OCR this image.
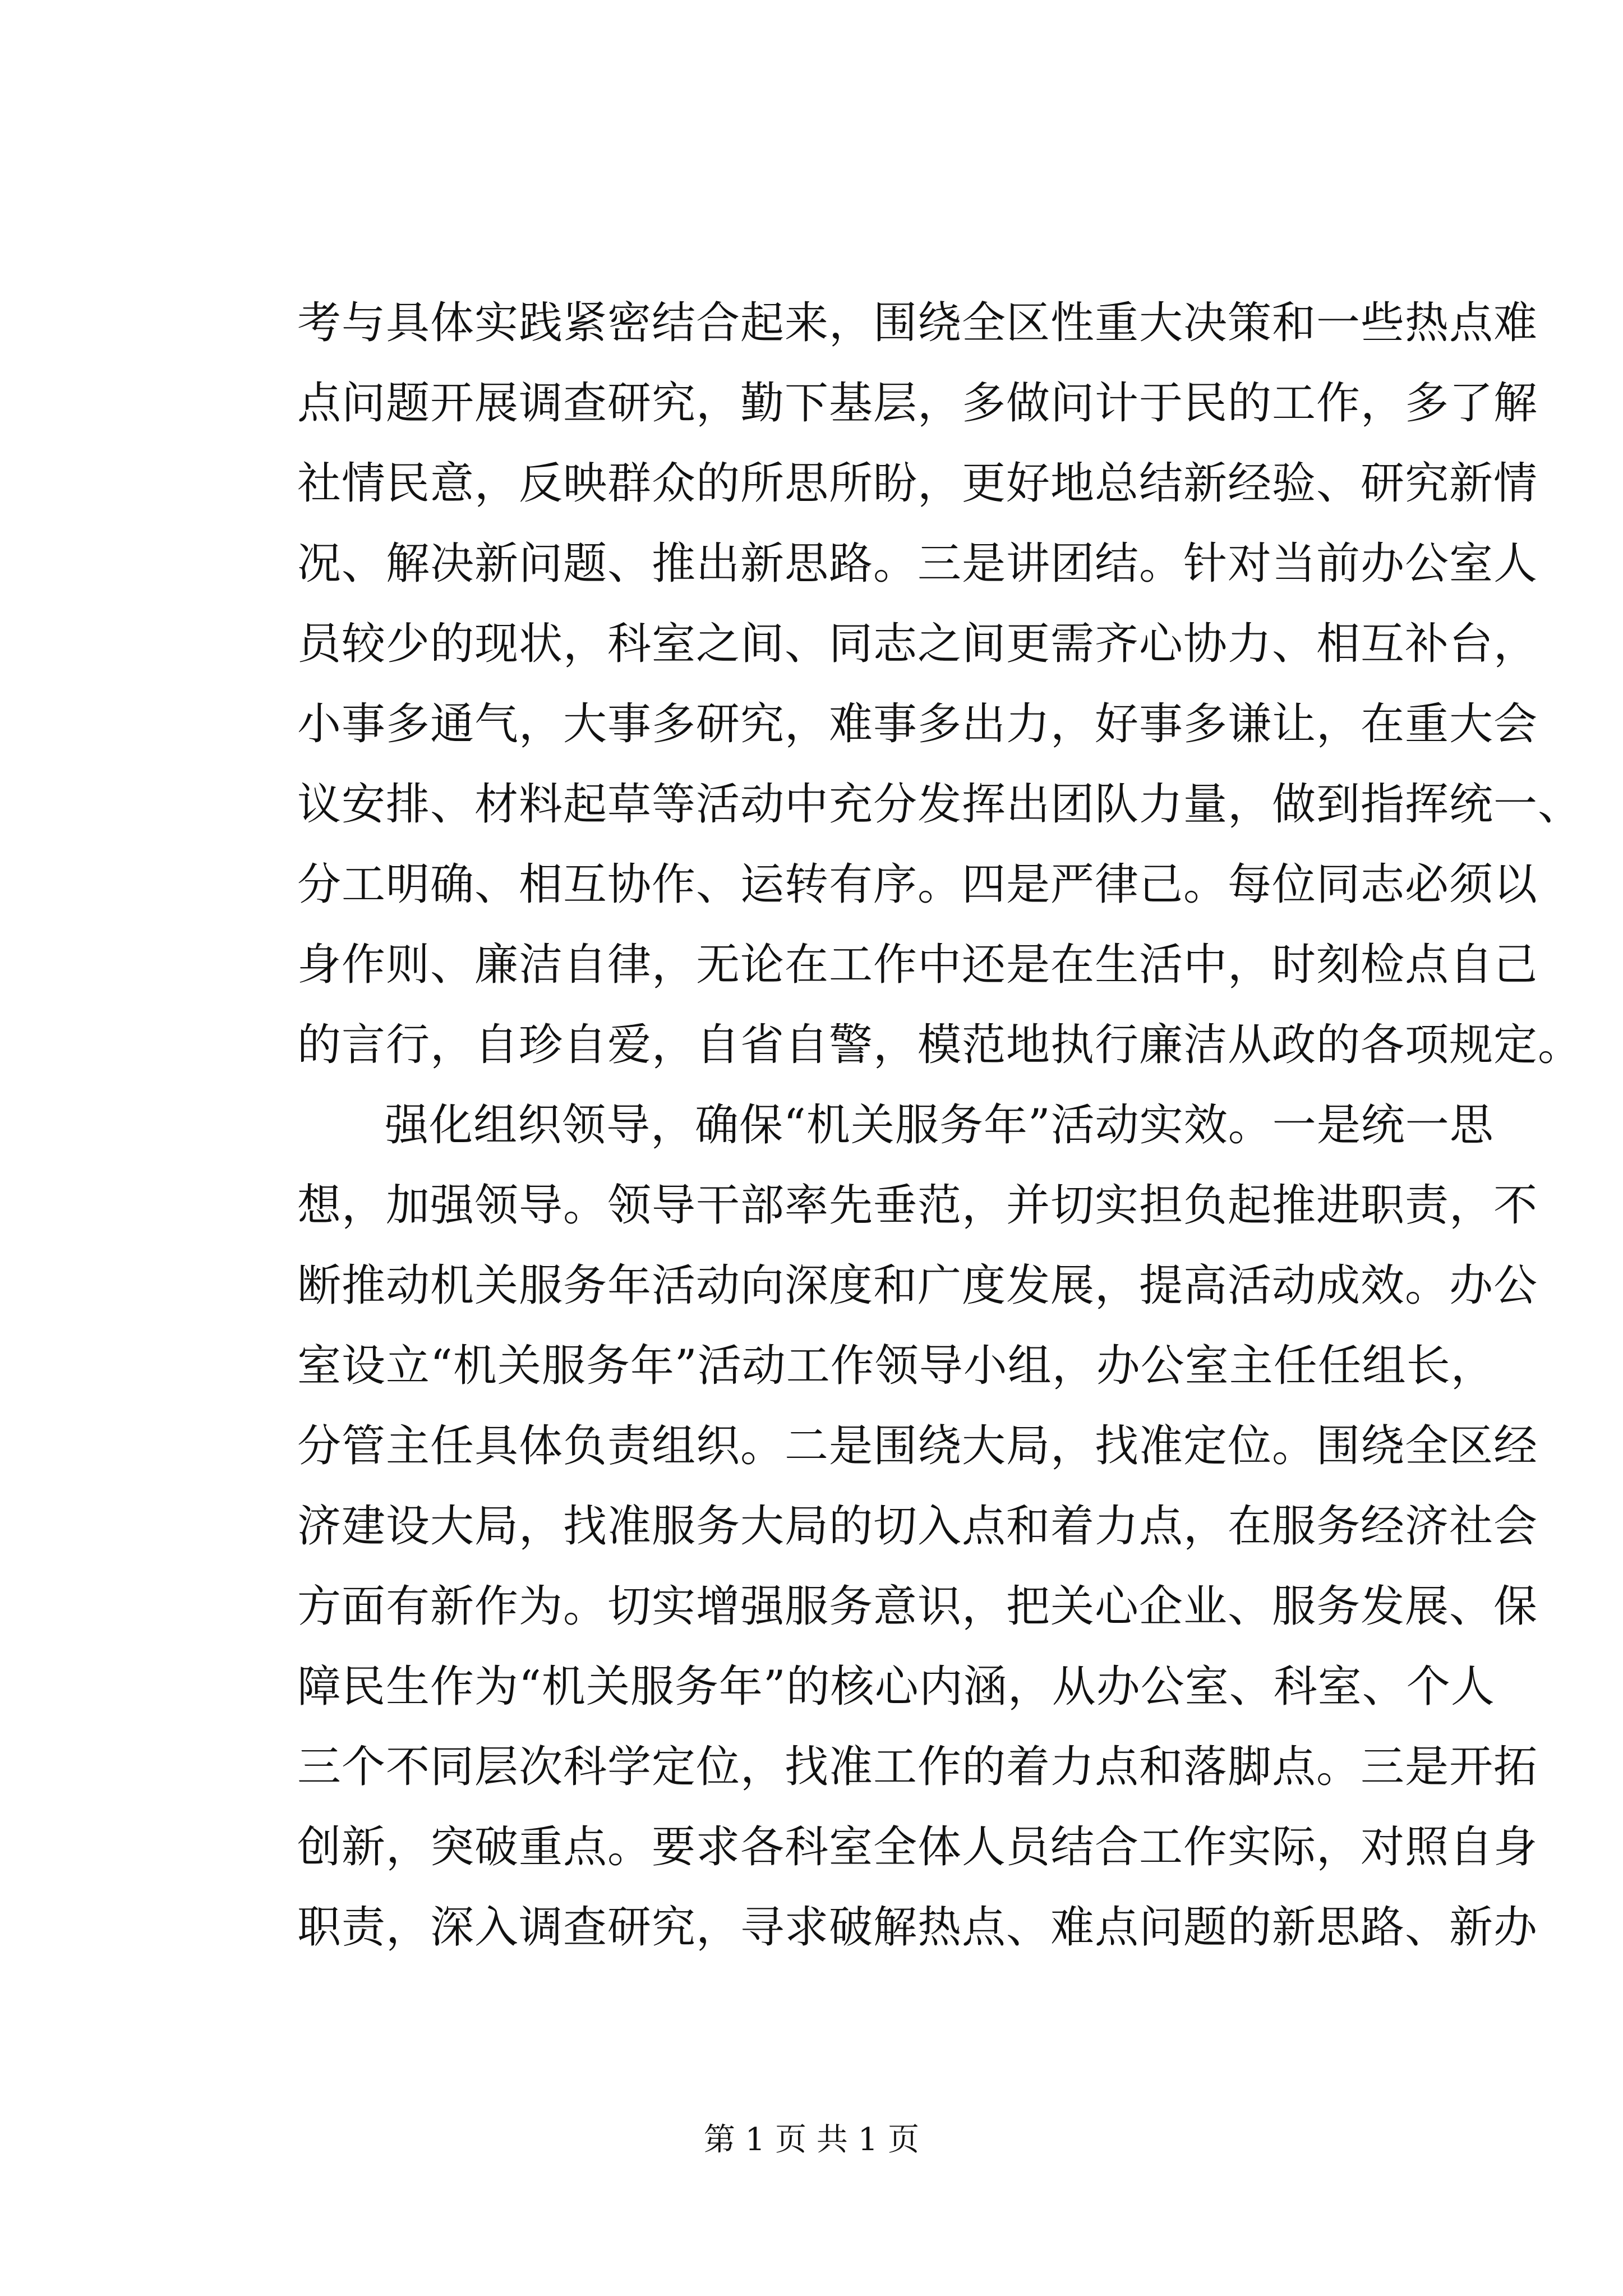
考与具体实践紧密结合起来，围绕全区性重大决策和一些热点难
点问题开展调查研究，勤下基层，多做问计于民的工作，多了解
社情民意，反映群众的所思所盼，更好地总结新经验、研究新情
况、解决新问题、推出新思路。三是讲团结。针对当前办公室人
员较少的现状，科室之间、同志之间更需齐心协力、相互补台，
小事多通气，大事多研究，难事多出力，好事多谦让，在重大会
议安排、材料起草等活动中充分发挥出团队力量，做到指挥统一、
分工明确、相互协作、运转有序。四是严律己。每位同志必须以
身作则、廉洁自律，无论在工作中还是在生活中，时刻检点自己
的言行，自珍自爱，自省自警，模范地执行廉洁从政的各项规定。
强化组织领导，确保“机关服务年”活动实效。一是统一思
想，加强领导。领导干部率先垂范，并切实担负起推进职责，不
断推动机关服务年活动向深度和广度发展，提高活动成效。办公
室设立“机关服务年”活动工作领导小组，办公室主任任组长，
分管主任具体负责组织。二是围绕大局，找准定位。围绕全区经
济建设大局，找准服务大局的切入点和着力点，在服务经济社会
方面有新作为。切实增强服务意识，把关心企业、服务发展、保
障民生作为“机关服务年”的核心内涵，从办公室、科室、个人
三个不同层次科学定位，找准工作的着力点和落脚点。三是开拓
创新，突破重点。要求各科室全体人员结合工作实际，对照自身
职责，深入调查研究，寻求破解热点、难点问题的新思路、新办
第 1 页 共 1 页
